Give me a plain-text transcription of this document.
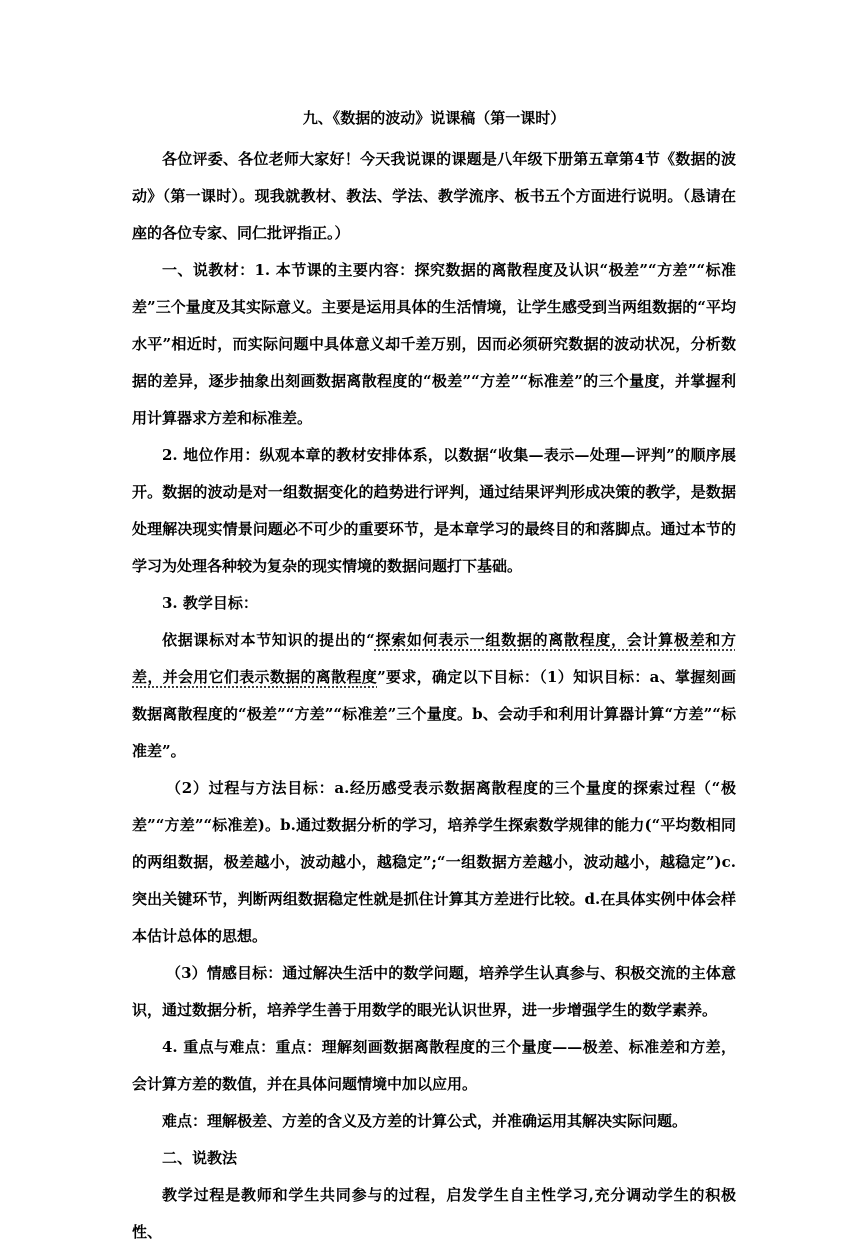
九、《数据的波动》说课稿（第一课时）

各位评委、各位老师大家好！今天我说课的课题是八年级下册第五章第4节《数据的波动》（第一课时）。现我就教材、教法、学法、教学流序、板书五个方面进行说明。（恳请在座的各位专家、同仁批评指正。）

一、说教材：1. 本节课的主要内容：探究数据的离散程度及认识“极差”“方差”“标准差”三个量度及其实际意义。主要是运用具体的生活情境，让学生感受到当两组数据的“平均水平”相近时，而实际问题中具体意义却千差万别，因而必须研究数据的波动状况，分析数据的差异，逐步抽象出刻画数据离散程度的“极差”“方差”“标准差”的三个量度，并掌握利用计算器求方差和标准差。

2. 地位作用：纵观本章的教材安排体系，以数据“收集—表示—处理—评判”的顺序展开。数据的波动是对一组数据变化的趋势进行评判，通过结果评判形成决策的教学，是数据处理解决现实情景问题必不可少的重要环节，是本章学习的最终目的和落脚点。通过本节的学习为处理各种较为复杂的现实情境的数据问题打下基础。

3. 教学目标：

依据课标对本节知识的提出的“探索如何表示一组数据的离散程度，会计算极差和方差，并会用它们表示数据的离散程度”要求，确定以下目标：（1）知识目标：a、掌握刻画数据离散程度的“极差”“方差”“标准差”三个量度。b、会动手和利用计算器计算“方差”“标准差”。

（2）过程与方法目标：a.经历感受表示数据离散程度的三个量度的探索过程（“极差”“方差”“标准差)。b.通过数据分析的学习，培养学生探索数学规律的能力(“平均数相同的两组数据，极差越小，波动越小，越稳定”;“一组数据方差越小，波动越小，越稳定”)c.突出关键环节，判断两组数据稳定性就是抓住计算其方差进行比较。d.在具体实例中体会样本估计总体的思想。

（3）情感目标：通过解决生活中的数学问题，培养学生认真参与、积极交流的主体意识，通过数据分析，培养学生善于用数学的眼光认识世界，进一步增强学生的数学素养。

4. 重点与难点：重点：理解刻画数据离散程度的三个量度——极差、标准差和方差，会计算方差的数值，并在具体问题情境中加以应用。

难点：理解极差、方差的含义及方差的计算公式，并准确运用其解决实际问题。

二、说教法

教学过程是教师和学生共同参与的过程，启发学生自主性学习,充分调动学生的积极性、
